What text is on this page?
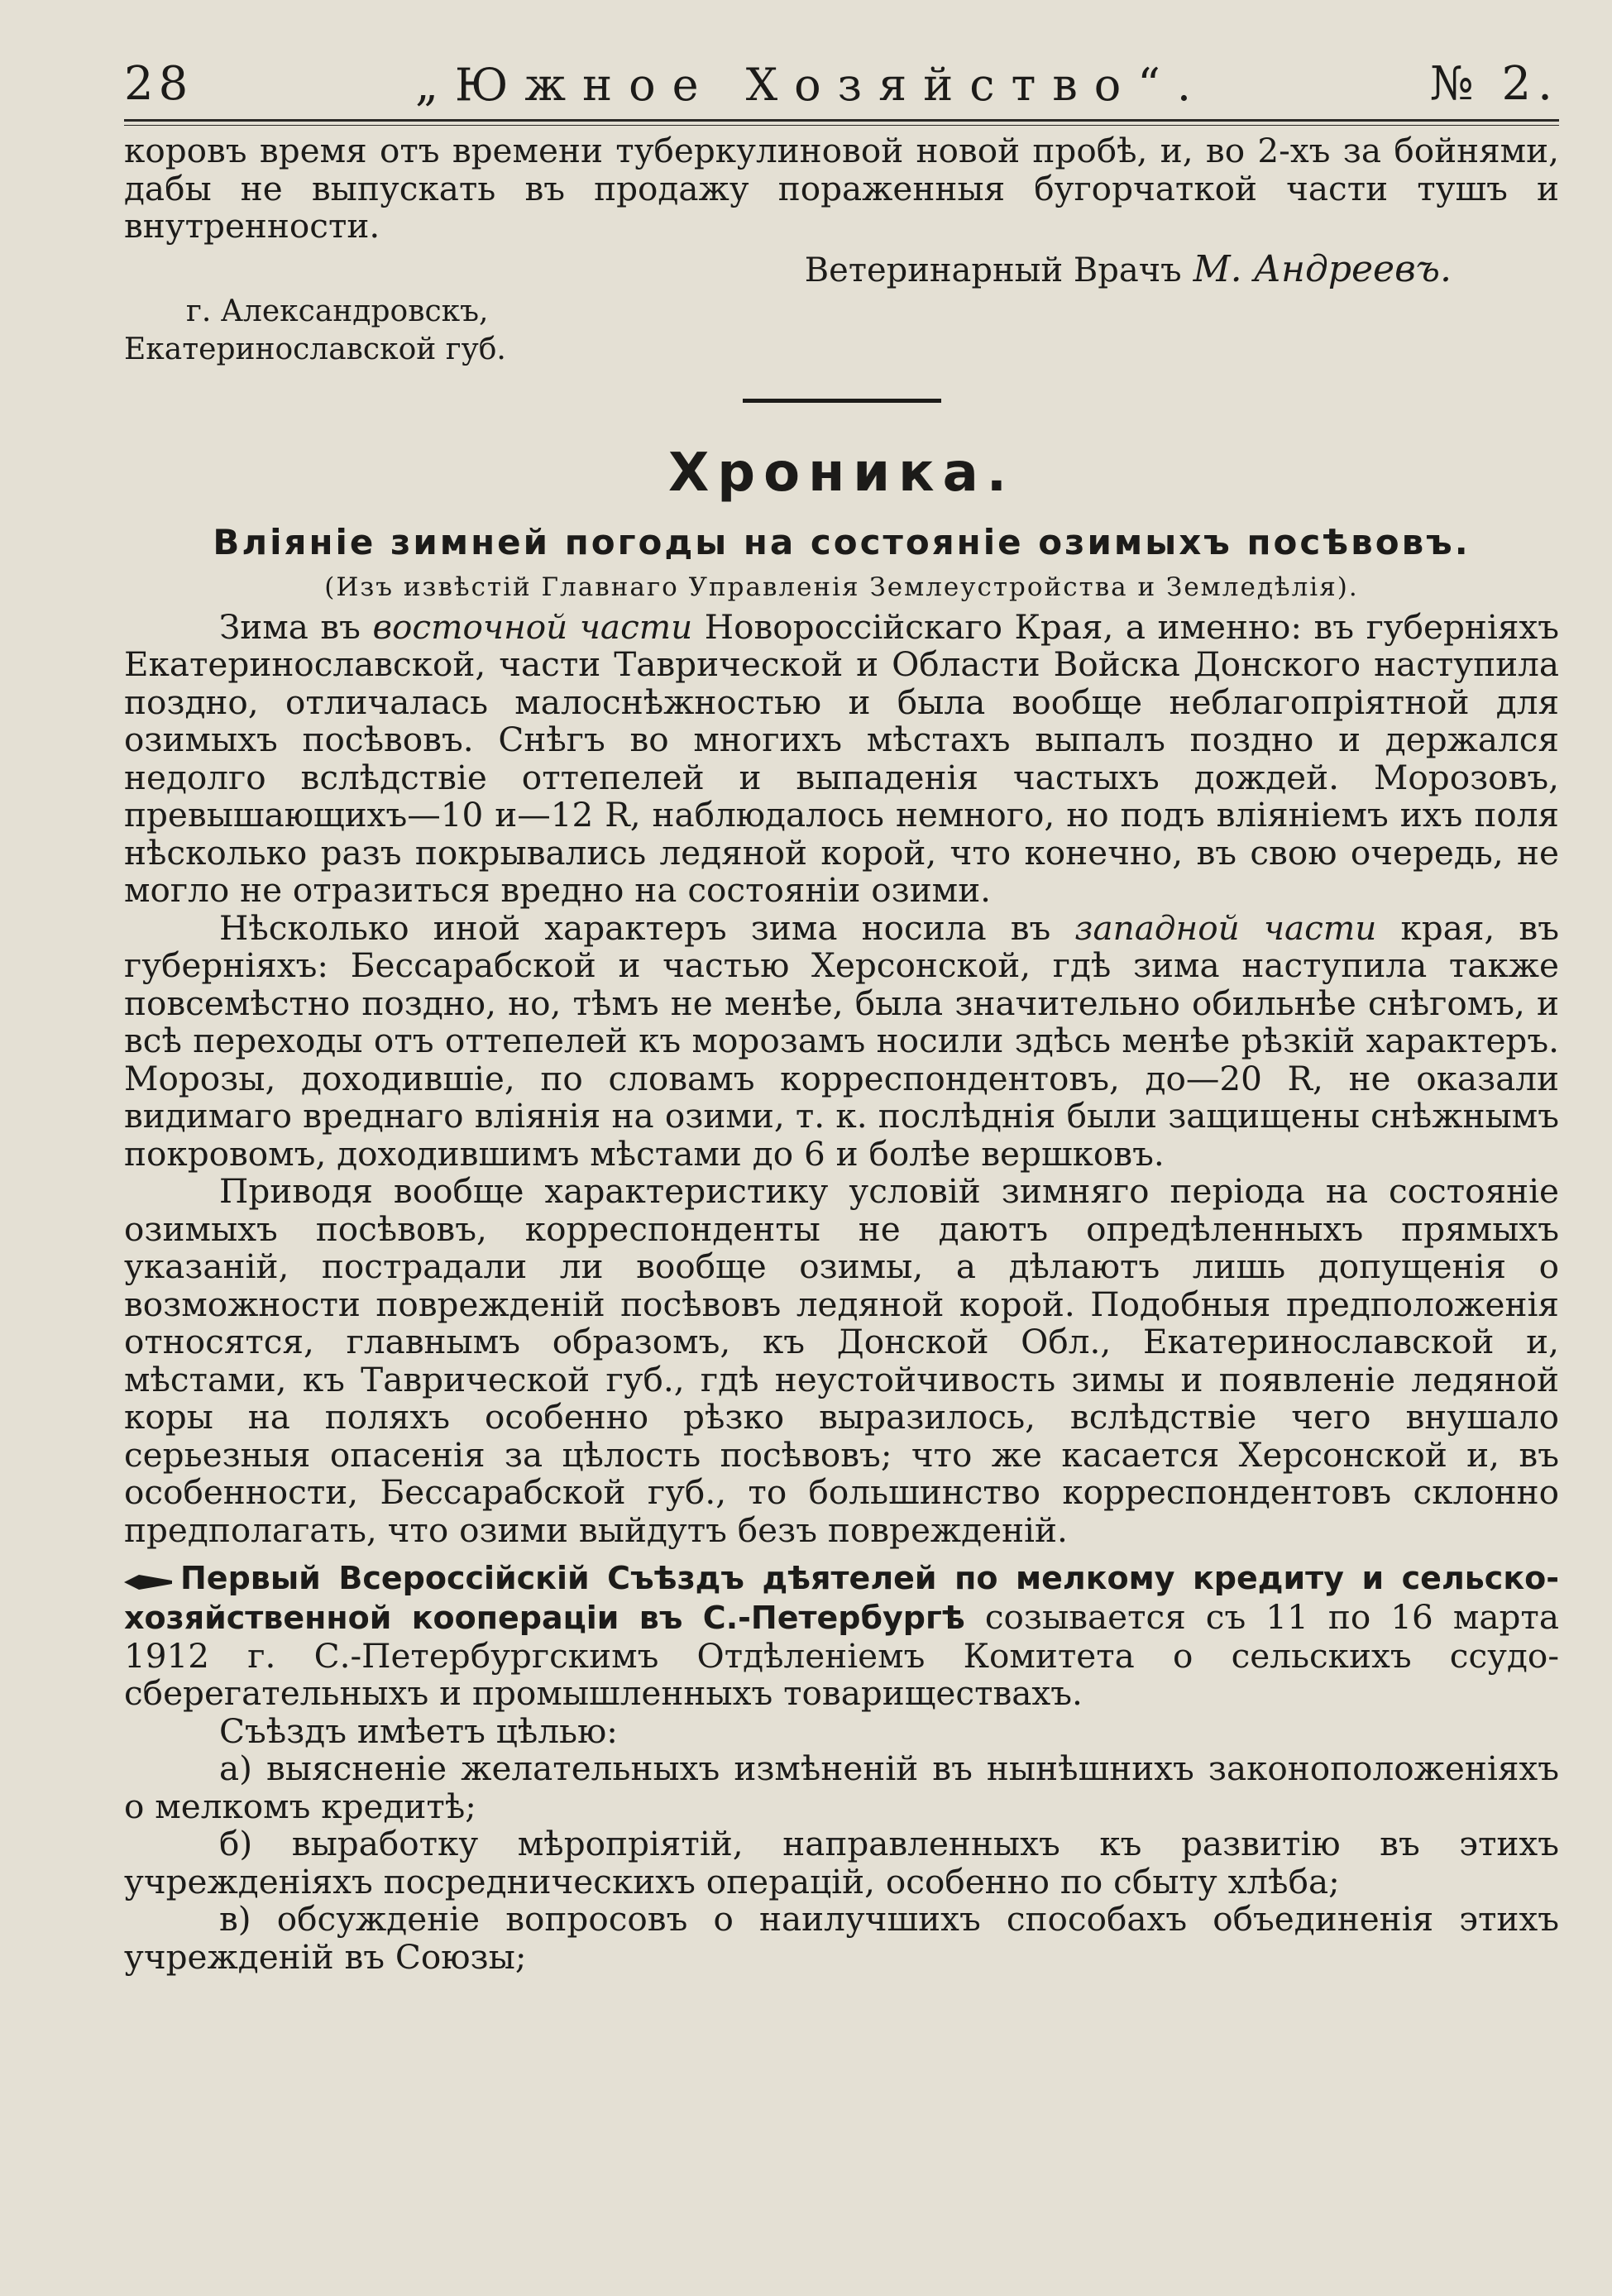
28	„Южное Хозяйство“.	№ 2.

коровъ время отъ времени туберкулиновой новой пробѣ, и, во 2-хъ за бойнями, дабы не выпускать въ продажу пораженныя бугорчаткой части тушъ и внутренности.

Ветеринарный Врачъ М. Андреевъ.
г. Александровскъ,
Екатеринославской губ.
Хроника.
Вліяніе зимней погоды на состояніе озимыхъ посѣвовъ.
(Изъ извѣстій Главнаго Управленія Землеустройства и Земледѣлія).

Зима въ восточной части Новороссійскаго Края, а именно: въ губерніяхъ Екатеринославской, части Таврической и Области Войска Донского наступила поздно, отличалась малоснѣжностью и была вообще неблагопріятной для озимыхъ посѣвовъ. Снѣгъ во многихъ мѣстахъ выпалъ поздно и держался недолго вслѣдствіе оттепелей и выпаденія частыхъ дождей. Морозовъ, превышающихъ—10 и—12 R, наблюдалось немного, но подъ вліяніемъ ихъ поля нѣсколько разъ покрывались ледяной корой, что конечно, въ свою очередь, не могло не отразиться вредно на состояніи озими.

Нѣсколько иной характеръ зима носила въ западной части края, въ губерніяхъ: Бессарабской и частью Херсонской, гдѣ зима наступила также повсемѣстно поздно, но, тѣмъ не менѣе, была значительно обильнѣе снѣгомъ, и всѣ переходы отъ оттепелей къ морозамъ носили здѣсь менѣе рѣзкій характеръ. Морозы, доходившіе, по словамъ корреспондентовъ, до—20 R, не оказали видимаго вреднаго вліянія на озими, т. к. послѣднія были защищены снѣжнымъ покровомъ, доходившимъ мѣстами до 6 и болѣе вершковъ.

Приводя вообще характеристику условій зимняго періода на состояніе озимыхъ посѣвовъ, корреспонденты не даютъ опредѣленныхъ прямыхъ указаній, пострадали ли вообще озимы, а дѣлаютъ лишь допущенія о возможности поврежденій посѣвовъ ледяной корой. Подобныя предположенія относятся, главнымъ образомъ, къ Донской Обл., Екатеринославской и, мѣстами, къ Таврической губ., гдѣ неустойчивость зимы и появленіе ледяной коры на поляхъ особенно рѣзко выразилось, вслѣдствіе чего внушало серьезныя опасенія за цѣлость посѣвовъ; что же касается Херсонской и, въ особенности, Бессарабской губ., то большинство корреспондентовъ склонно предполагать, что озими выйдутъ безъ поврежденій.

Первый Всероссійскій Съѣздъ дѣятелей по мелкому кредиту и сельско-хозяйственной кооперацiи въ С.-Петербургѣ созывается съ 11 по 16 марта 1912 г. С.-Петербургскимъ Отдѣленіемъ Комитета о сельскихъ ссудо-сберегательныхъ и промышленныхъ товариществахъ.

Съѣздъ имѣетъ цѣлью:

а) выясненіе желательныхъ измѣненій въ нынѣшнихъ законоположеніяхъ о мелкомъ кредитѣ;

б) выработку мѣропріятій, направленныхъ къ развитію въ этихъ учрежденіяхъ посредническихъ операцій, особенно по сбыту хлѣба;

в) обсужденіе вопросовъ о наилучшихъ способахъ объединенія этихъ учрежденій въ Союзы;
